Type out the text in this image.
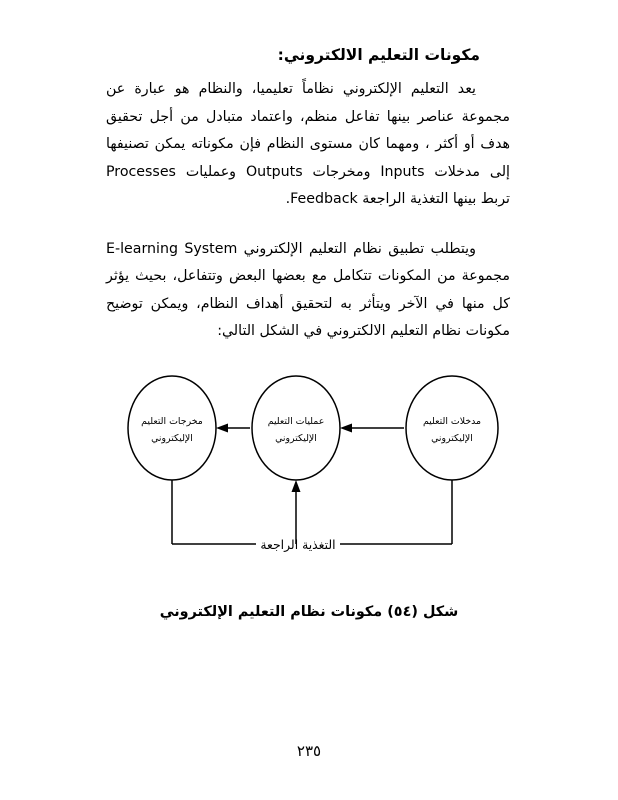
مكونات التعليم الالكتروني:

يعد التعليم الإلكتروني نظاماً تعليميا، والنظام هو عبارة عن مجموعة عناصر بينها تفاعل منظم، واعتماد متبادل من أجل تحقيق هدف أو أكثر ، ومهما كان مستوى النظام فإن مكوناته يمكن تصنيفها إلى مدخلات Inputs ومخرجات Outputs وعمليات Processes تربط بينها التغذية الراجعة Feedback.

ويتطلب تطبيق نظام التعليم الإلكتروني E-learning System مجموعة من المكونات تتكامل مع بعضها البعض وتتفاعل، بحيث يؤثر كل منها في الآخر ويتأثر به لتحقيق أهداف النظام، ويمكن توضيح مكونات نظام التعليم الالكتروني في الشكل التالي:

مدخلات التعليم
الإليكتروني
عمليات التعليم
الإليكتروني
مخرجات التعليم
الإليكتروني
التغذية الراجعة
شكل (٥٤) مكونات نظام التعليم الإلكتروني
٢٣٥
